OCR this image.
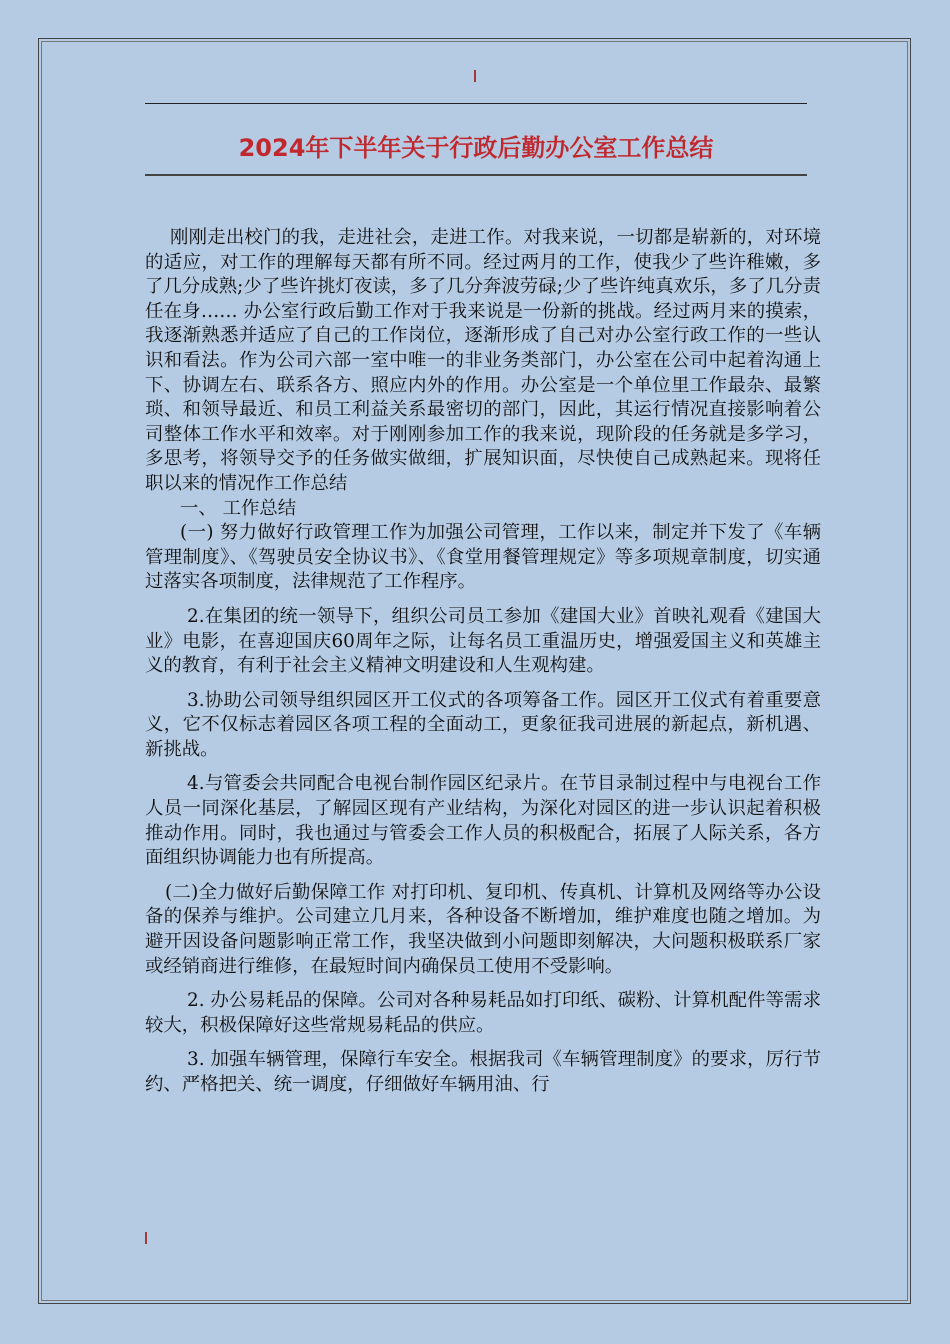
2024年下半年关于行政后勤办公室工作总结

刚刚走出校门的我，走进社会，走进工作。对我来说，一切都是崭新的，对环境的适应，对工作的理解每天都有所不同。经过两月的工作，使我少了些许稚嫩，多了几分成熟;少了些许挑灯夜读，多了几分奔波劳碌;少了些许纯真欢乐，多了几分责任在身…… 办公室行政后勤工作对于我来说是一份新的挑战。经过两月来的摸索，我逐渐熟悉并适应了自己的工作岗位，逐渐形成了自己对办公室行政工作的一些认识和看法。作为公司六部一室中唯一的非业务类部门，办公室在公司中起着沟通上下、协调左右、联系各方、照应内外的作用。办公室是一个单位里工作最杂、最繁琐、和领导最近、和员工利益关系最密切的部门，因此，其运行情况直接影响着公司整体工作水平和效率。对于刚刚参加工作的我来说，现阶段的任务就是多学习，多思考，将领导交予的任务做实做细，扩展知识面，尽快使自己成熟起来。现将任职以来的情况作工作总结

一、 工作总结

(一) 努力做好行政管理工作为加强公司管理，工作以来，制定并下发了《车辆管理制度》、《驾驶员安全协议书》、《食堂用餐管理规定》等多项规章制度，切实通过落实各项制度，法律规范了工作程序。

2.在集团的统一领导下，组织公司员工参加《建国大业》首映礼观看《建国大业》电影，在喜迎国庆60周年之际，让每名员工重温历史，增强爱国主义和英雄主义的教育，有利于社会主义精神文明建设和人生观构建。

3.协助公司领导组织园区开工仪式的各项筹备工作。园区开工仪式有着重要意义，它不仅标志着园区各项工程的全面动工，更象征我司进展的新起点，新机遇、新挑战。

4.与管委会共同配合电视台制作园区纪录片。在节目录制过程中与电视台工作人员一同深化基层，了解园区现有产业结构，为深化对园区的进一步认识起着积极推动作用。同时，我也通过与管委会工作人员的积极配合，拓展了人际关系，各方面组织协调能力也有所提高。

(二)全力做好后勤保障工作 对打印机、复印机、传真机、计算机及网络等办公设备的保养与维护。公司建立几月来，各种设备不断增加，维护难度也随之增加。为避开因设备问题影响正常工作，我坚决做到小问题即刻解决，大问题积极联系厂家或经销商进行维修，在最短时间内确保员工使用不受影响。

2. 办公易耗品的保障。公司对各种易耗品如打印纸、碳粉、计算机配件等需求较大，积极保障好这些常规易耗品的供应。

3. 加强车辆管理，保障行车安全。根据我司《车辆管理制度》的要求，厉行节约、严格把关、统一调度，仔细做好车辆用油、行
